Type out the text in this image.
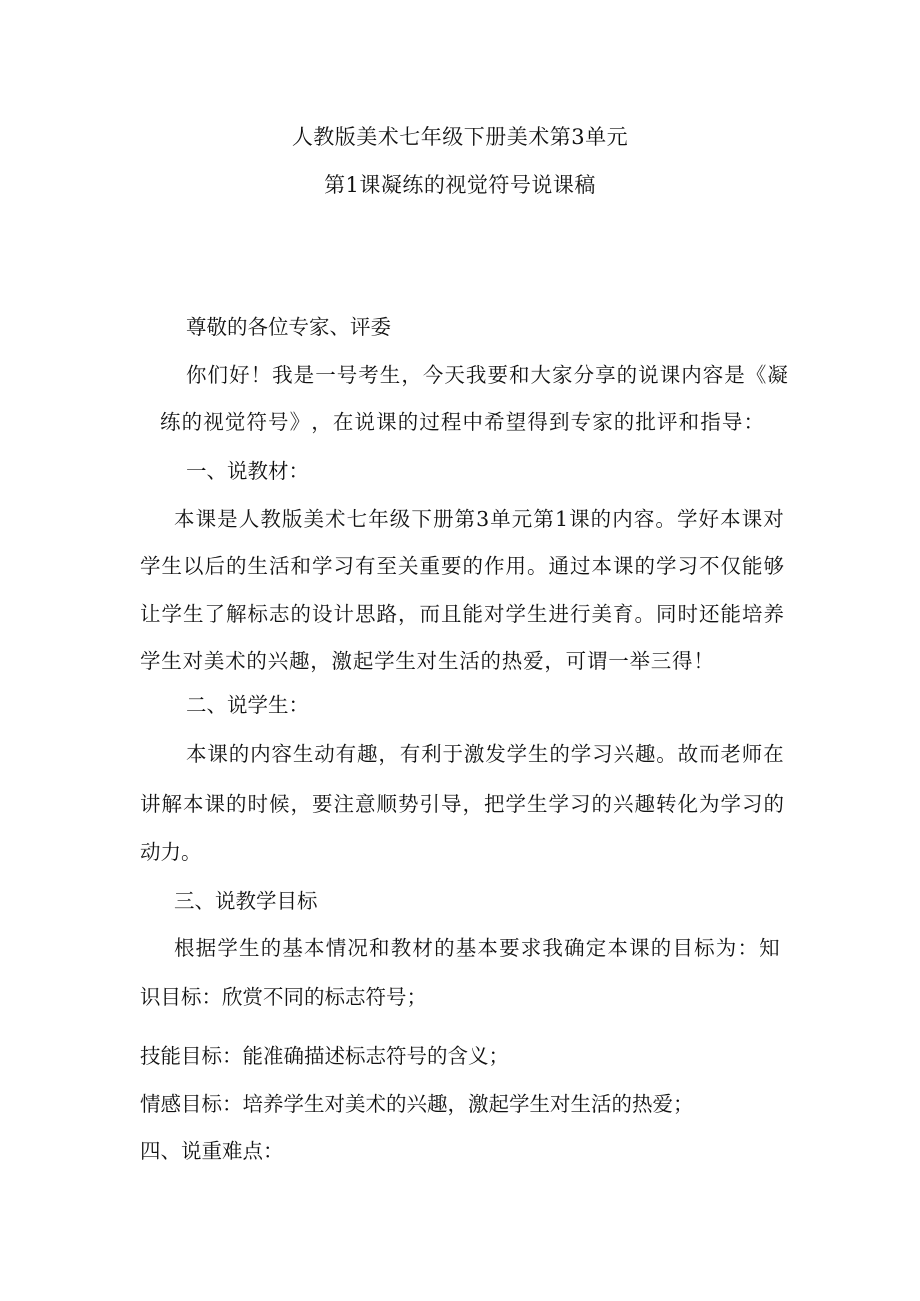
人教版美术七年级下册美术第3单元
第1课凝练的视觉符号说课稿
尊敬的各位专家、评委
你 们 好 ！ 我 是 一 号 考 生 ， 今 天 我 要 和 大 家 分 享 的 说 课 内 容 是 《 凝
练 的 视 觉 符 号 》 ， 在 说 课 的 过 程 中 希 望 得 到 专 家 的 批 评 和 指 导 ：
一、说教材：
本 课 是 人 教 版 美 术 七 年 级 下 册 第 3 单 元 第 1 课 的 内 容 。 学 好 本 课 对
学 生 以 后 的 生 活 和 学 习 有 至 关 重 要 的 作 用 。 通 过 本 课 的 学 习 不 仅 能 够
让 学 生 了 解 标 志 的 设 计 思 路 ， 而 且 能 对 学 生 进 行 美 育 。 同 时 还 能 培 养
学 生 对 美 术 的 兴 趣 ， 激 起 学 生 对 生 活 的 热 爱 ， 可 谓 一 举 三 得 ！
二、说学生：
本 课 的 内 容 生 动 有 趣 ， 有 利 于 激 发 学 生 的 学 习 兴 趣 。 故 而 老 师 在
讲 解 本 课 的 时 候 ， 要 注 意 顺 势 引 导 ， 把 学 生 学 习 的 兴 趣 转 化 为 学 习 的
动力。
三、说教学目标
根 据 学 生 的 基 本 情 况 和 教 材 的 基 本 要 求 我 确 定 本 课 的 目 标 为 ： 知
识目标：欣赏不同的标志符号；
技能目标：能准确描述标志符号的含义；
情感目标：培养学生对美术的兴趣，激起学生对生活的热爱；
四、说重难点：
